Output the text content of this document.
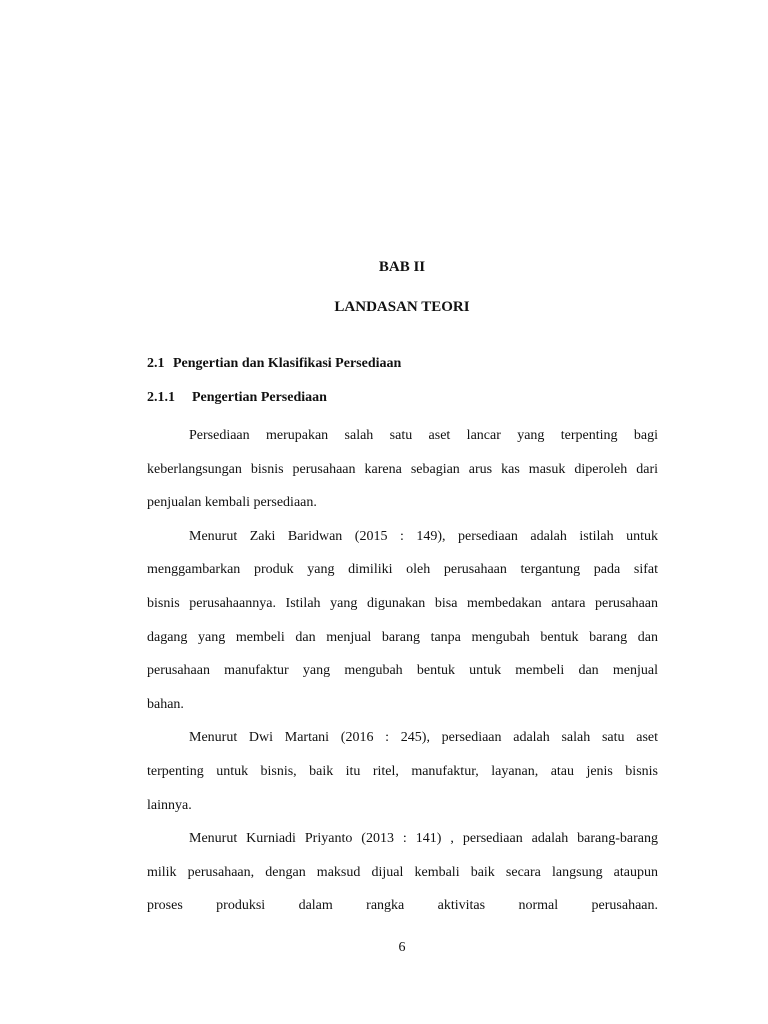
BAB II
LANDASAN TEORI
2.1 Pengertian dan Klasifikasi Persediaan
2.1.1 Pengertian Persediaan
Persediaan merupakan salah satu aset lancar yang terpenting bagi
keberlangsungan bisnis perusahaan karena sebagian arus kas masuk diperoleh dari
penjualan kembali persediaan.
Menurut Zaki Baridwan (2015 : 149), persediaan adalah istilah untuk
menggambarkan produk yang dimiliki oleh perusahaan tergantung pada sifat
bisnis perusahaannya. Istilah yang digunakan bisa membedakan antara perusahaan
dagang yang membeli dan menjual barang tanpa mengubah bentuk barang dan
perusahaan manufaktur yang mengubah bentuk untuk membeli dan menjual
bahan.
Menurut Dwi Martani (2016 : 245), persediaan adalah salah satu aset
terpenting untuk bisnis, baik itu ritel, manufaktur, layanan, atau jenis bisnis
lainnya.
Menurut Kurniadi Priyanto (2013 : 141) , persediaan adalah barang-barang
milik perusahaan, dengan maksud dijual kembali baik secara langsung ataupun
proses produksi dalam rangka aktivitas normal perusahaan.
6
